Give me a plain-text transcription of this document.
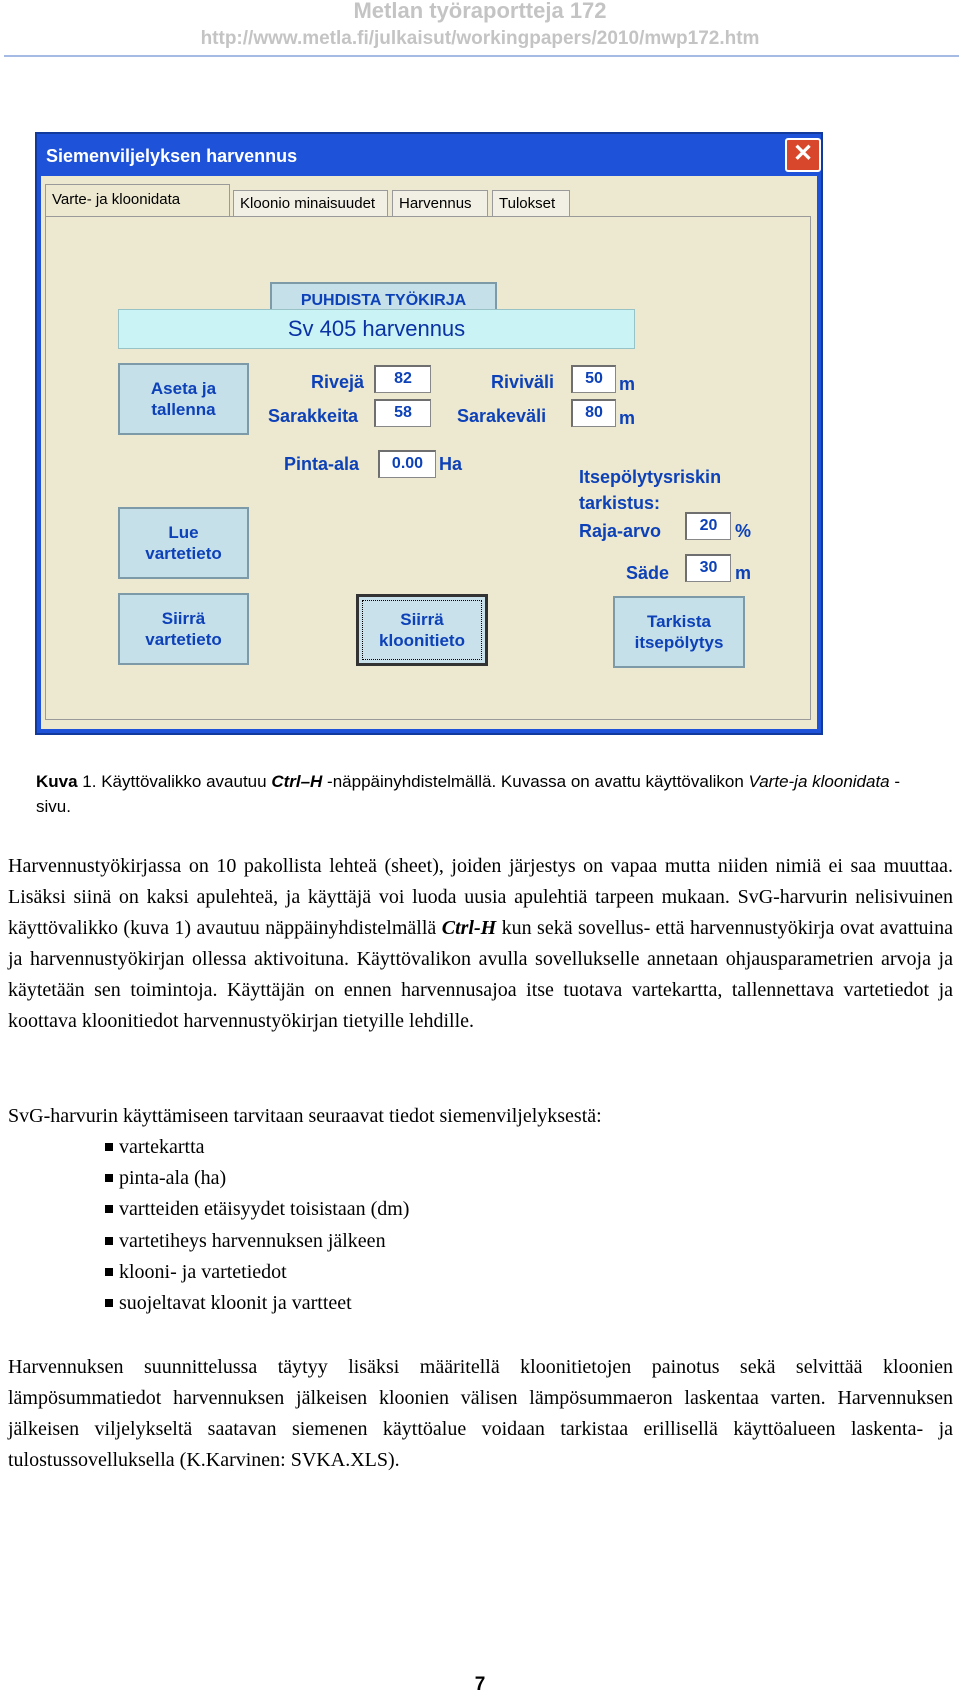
Metlan työraportteja 172
http://www.metla.fi/julkaisut/workingpapers/2010/mwp172.htm
Siemenviljelyksen harvennus	✕
Varte- ja kloonidata	Kloonio minaisuudet	Harvennus	Tulokset
PUHDISTA TYÖKIRJA
Sv 405 harvennus
Aseta ja
tallenna
Rivejä	82
Sarakkeita	58
Riviväli	50 m
Sarakeväli	80 m
Pinta-ala	0.00 Ha
Itsepölytysriskin
tarkistus:
Raja-arvo	20 %
Säde	30 m
Lue
vartetieto
Siirrä
vartetieto
Siirrä
kloonitieto
Tarkista
itsepölytys
Kuva 1. Käyttövalikko avautuu Ctrl–H -näppäinyhdistelmällä. Kuvassa on avattu käyttövalikon Varte-ja kloonidata -sivu.
Harvennustyökirjassa on 10 pakollista lehteä (sheet), joiden järjestys on vapaa mutta niiden nimiä ei saa muuttaa. Lisäksi siinä on kaksi apulehteä, ja käyttäjä voi luoda uusia apulehtiä tarpeen mukaan. SvG-harvurin nelisivuinen käyttövalikko (kuva 1) avautuu näppäinyhdistelmällä Ctrl-H kun sekä sovellus- että harvennustyökirja ovat avattuina ja harvennustyökirjan ollessa aktivoituna. Käyttövalikon avulla sovellukselle annetaan ohjausparametrien arvoja ja käytetään sen toimintoja. Käyttäjän on ennen harvennusajoa itse tuotava vartekartta, tallennettava vartetiedot ja koottava kloonitiedot harvennustyökirjan tietyille lehdille.
SvG-harvurin käyttämiseen tarvitaan seuraavat tiedot siemenviljelyksestä:
vartekartta
pinta-ala (ha)
vartteiden etäisyydet toisistaan (dm)
vartetiheys harvennuksen jälkeen
klooni- ja vartetiedot
suojeltavat kloonit ja vartteet
Harvennuksen suunnittelussa täytyy lisäksi määritellä kloonitietojen painotus sekä selvittää kloonien lämpösummatiedot harvennuksen jälkeisen kloonien välisen lämpösummaeron laskentaa varten. Harvennuksen jälkeisen viljelykseltä saatavan siemenen käyttöalue voidaan tarkistaa erillisellä käyttöalueen laskenta- ja tulostussovelluksella (K.Karvinen: SVKA.XLS).
7
